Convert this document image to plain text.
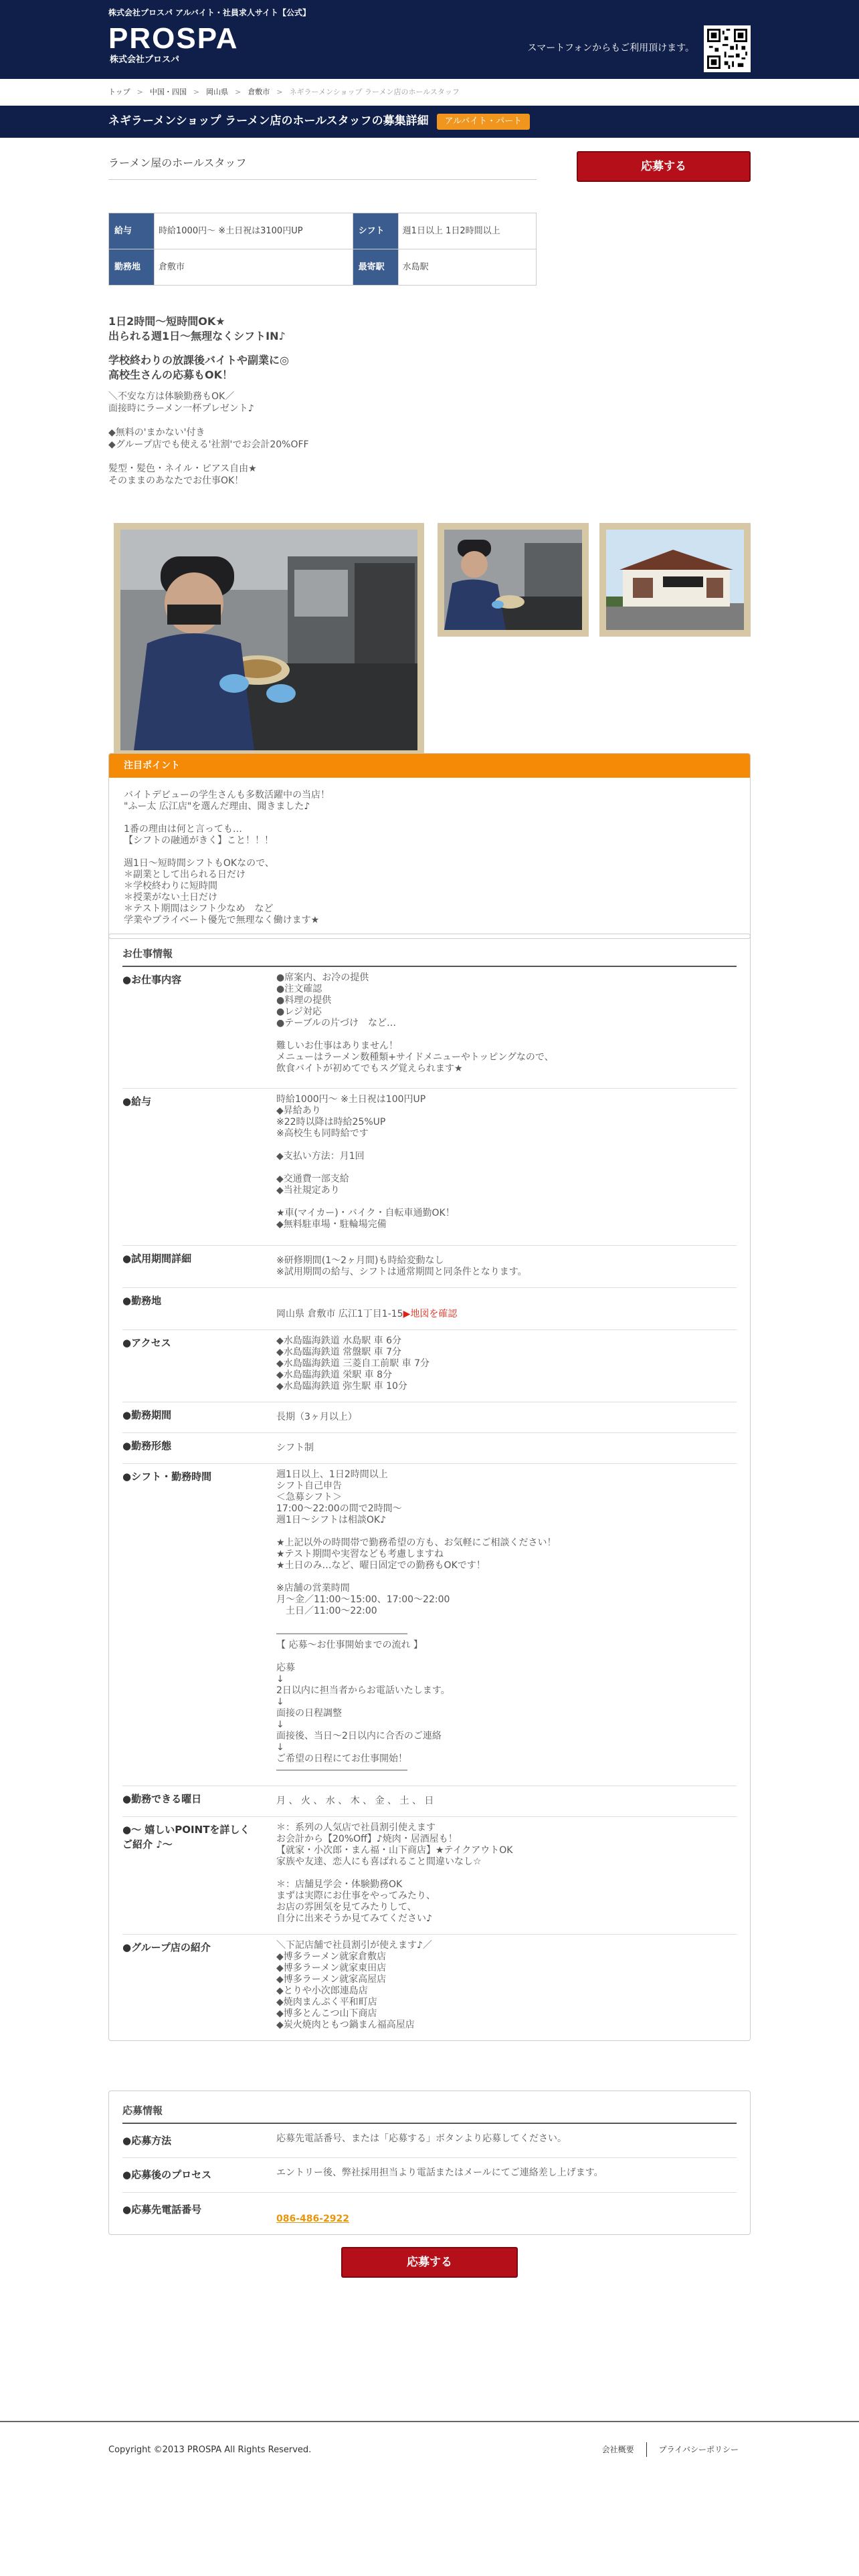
株式会社プロスパ アルバイト・社員求人サイト【公式】
PROSPA
株式会社プロスパ
スマートフォンからもご利用頂けます。
トップ > 中国・四国 > 岡山県 > 倉敷市 > ネギラーメンショップ ラーメン店のホールスタッフ
ネギラーメンショップ ラーメン店のホールスタッフの募集詳細	アルバイト・パート
ラーメン屋のホールスタッフ	応募する
給与	時給1000円〜 ※土日祝は3100円UP	シフト	週1日以上 1日2時間以上
勤務地	倉敷市	最寄駅	水島駅

1日2時間〜短時間OK★

出られる週1日〜無理なくシフトIN♪

学校終わりの放課後バイトや副業に◎

高校生さんの応募もOK！

＼不安な方は体験勤務もOK／

面接時にラーメン一杯プレゼント♪

◆無料の'まかない'付き

◆グループ店でも使える'社割'でお会計20%OFF

髪型・髪色・ネイル・ピアス自由★

そのままのあなたでお仕事OK！

注目ポイント
バイトデビューの学生さんも多数活躍中の当店！
"ふー太 広江店"を選んだ理由、聞きました♪
1番の理由は何と言っても…
【シフトの融通がきく】こと！！！
週1日〜短時間シフトもOKなので、
＊副業として出られる日だけ
＊学校終わりに短時間
＊授業がない土日だけ
＊テスト期間はシフト少なめ　など
学業やプライベート優先で無理なく働けます★
お仕事情報
●お仕事内容	●席案内、お冷の提供
●注文確認
●料理の提供
●レジ対応
●テーブルの片づけ　など…

難しいお仕事はありません！
メニューはラーメン数種類+サイドメニューやトッピングなので、
飲食バイトが初めてでもスグ覚えられます★
●給与	時給1000円〜 ※土日祝は100円UP
◆昇給あり
※22時以降は時給25%UP
※高校生も同時給です

◆支払い方法：月1回

◆交通費一部支給
◆当社規定あり

★車(マイカー)・バイク・自転車通勤OK！
◆無料駐車場・駐輪場完備
●試用期間詳細	※研修期間(1〜2ヶ月間)も時給変動なし
※試用期間の給与、シフトは通常期間と同条件となります。
●勤務地

岡山県 倉敷市 広江1丁目1-15▶地図を確認

●アクセス	◆水島臨海鉄道 水島駅 車 6分
◆水島臨海鉄道 常盤駅 車 7分
◆水島臨海鉄道 三菱自工前駅 車 7分
◆水島臨海鉄道 栄駅 車 8分
◆水島臨海鉄道 弥生駅 車 10分
●勤務期間	長期（3ヶ月以上）
●勤務形態	シフト制
●シフト・勤務時間	週1日以上、1日2時間以上
シフト自己申告
＜急募シフト＞
17:00〜22:00の間で2時間〜
週1日〜シフトは相談OK♪

★上記以外の時間帯で勤務希望の方も、お気軽にご相談ください！
★テスト期間や実習なども考慮しますね
★土日のみ…など、曜日固定での勤務もOKです！

※店舗の営業時間
月〜金／11:00〜15:00、17:00〜22:00
　土日／11:00〜22:00

――――――――――――――
【 応募〜お仕事開始までの流れ 】

応募
↓
2日以内に担当者からお電話いたします。
↓
面接の日程調整
↓
面接後、当日〜2日以内に合否のご連絡
↓
ご希望の日程にてお仕事開始！
――――――――――――――
●勤務できる曜日	月 、 火 、 水 、 木 、 金 、 土 、 日
●〜 嬉しいPOINTを詳しくご紹介 ♪〜
＊：系列の人気店で社員割引使えます
お会計から【20%Off】♪焼肉・居酒屋も！
【就家・小次郎・まん福・山下商店】★テイクアウトOK
家族や友達、恋人にも喜ばれること間違いなし☆

＊：店舗見学会・体験勤務OK
まずは実際にお仕事をやってみたり、
お店の雰囲気を見てみたりして、
自分に出来そうか見てみてください♪
●グループ店の紹介	＼下記店舗で社員割引が使えます♪／
◆博多ラーメン就家倉敷店
◆博多ラーメン就家東田店
◆博多ラーメン就家高屋店
◆とりや小次郎連島店
◆焼肉まんぷく平和町店
◆博多とんこつ山下商店
◆炭火焼肉ともつ鍋まん福高屋店
応募情報
●応募方法	応募先電話番号、または「応募する」ボタンより応募してください。
●応募後のプロセス	エントリー後、弊社採用担当より電話またはメールにてご連絡差し上げます。
●応募先電話番号

086-486-2922

応募する
Copyright ©2013 PROSPA All Rights Reserved.	会社概要	プライバシーポリシー
